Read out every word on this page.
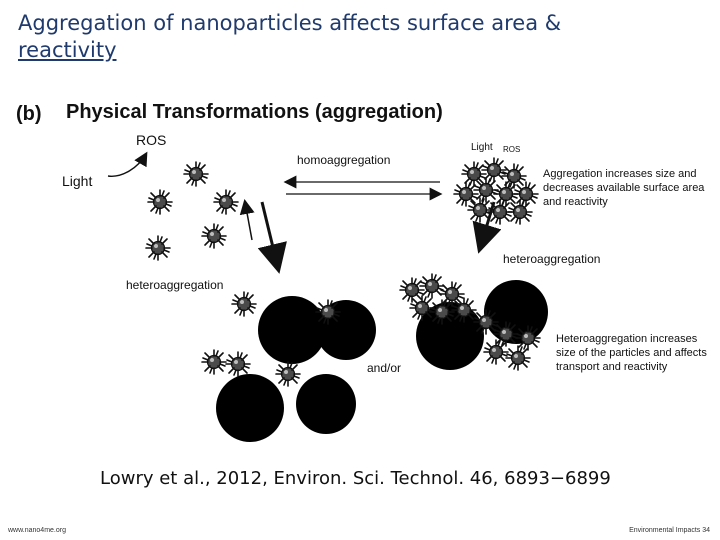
Aggregation of nanoparticles affects surface area &
reactivity
(b) Physical Transformations (aggregation)
ROS
Light
homoaggregation
Light ROS
Aggregation increases size and
decreases available surface area
and reactivity
heteroaggregation
heteroaggregation
and/or
Heteroaggregation increases
size of the particles and affects
transport and reactivity
Lowry et al., 2012, Environ. Sci. Technol. 46, 6893−6899
www.nano4me.org	Environmental Impacts 34
